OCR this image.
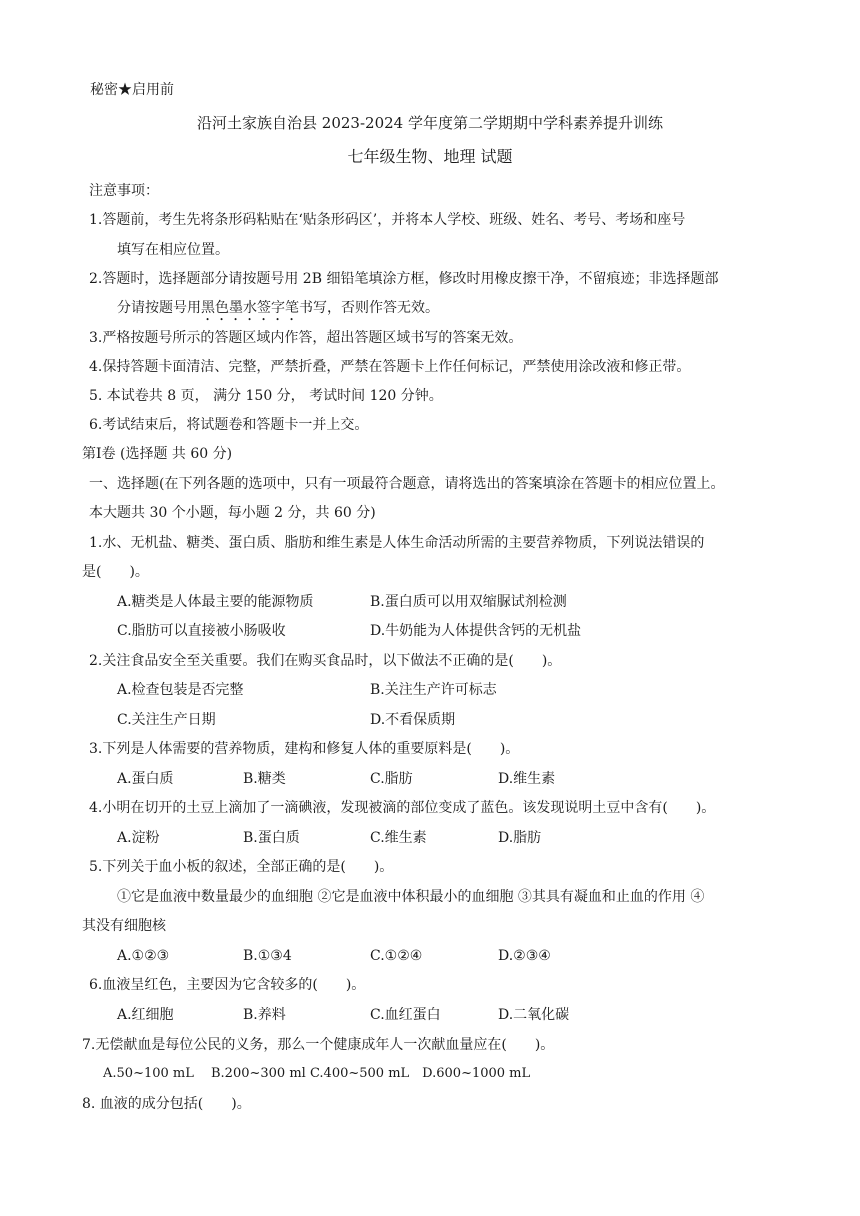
秘密★启用前
沿河土家族自治县 2023-2024 学年度第二学期期中学科素养提升训练
七年级生物、地理 试题
注意事项：
1.答题前，考生先将条形码粘贴在‘贴条形码区’，并将本人学校、班级、姓名、考号、考场和座号
填写在相应位置。
2.答题时，选择题部分请按题号用 2B 细铅笔填涂方框，修改时用橡皮擦干净，不留痕迹；非选择题部
分请按题号用黑色墨水签字笔书写，否则作答无效。
3.严格按题号所示的答题区域内作答，超出答题区域书写的答案无效。
4.保持答题卡面清洁、完整，严禁折叠，严禁在答题卡上作任何标记，严禁使用涂改液和修正带。
5. 本试卷共 8 页， 满分 150 分， 考试时间 120 分钟。
6.考试结束后，将试题卷和答题卡一并上交。
第Ⅰ卷 (选择题 共 60 分)
一、选择题(在下列各题的选项中，只有一项最符合题意，请将选出的答案填涂在答题卡的相应位置上。
本大题共 30 个小题，每小题 2 分，共 60 分)
1.水、无机盐、糖类、蛋白质、脂肪和维生素是人体生命活动所需的主要营养物质，下列说法错误的
是(　　)。
A.糖类是人体最主要的能源物质	B.蛋白质可以用双缩脲试剂检测
C.脂肪可以直接被小肠吸收	D.牛奶能为人体提供含钙的无机盐
2.关注食品安全至关重要。我们在购买食品时，以下做法不正确的是(　　)。
A.检查包装是否完整	B.关注生产许可标志
C.关注生产日期	D.不看保质期
3.下列是人体需要的营养物质，建构和修复人体的重要原料是(　　)。
A.蛋白质	B.糖类	C.脂肪	D.维生素
4.小明在切开的土豆上滴加了一滴碘液，发现被滴的部位变成了蓝色。该发现说明土豆中含有(　　)。
A.淀粉	B.蛋白质	C.维生素	D.脂肪
5.下列关于血小板的叙述，全部正确的是(　　)。
①它是血液中数量最少的血细胞 ②它是血液中体积最小的血细胞 ③其具有凝血和止血的作用 ④
其没有细胞核
A.①②③	B.①③4	C.①②④	D.②③④
6.血液呈红色，主要因为它含较多的(　　)。
A.红细胞	B.养料	C.血红蛋白	D.二氧化碳
7.无偿献血是每位公民的义务，那么一个健康成年人一次献血量应在(　　)。
A.50~100 mL　 B.200~300 ml C.400~500 mL　D.600~1000 mL
8. 血液的成分包括(　　)。
